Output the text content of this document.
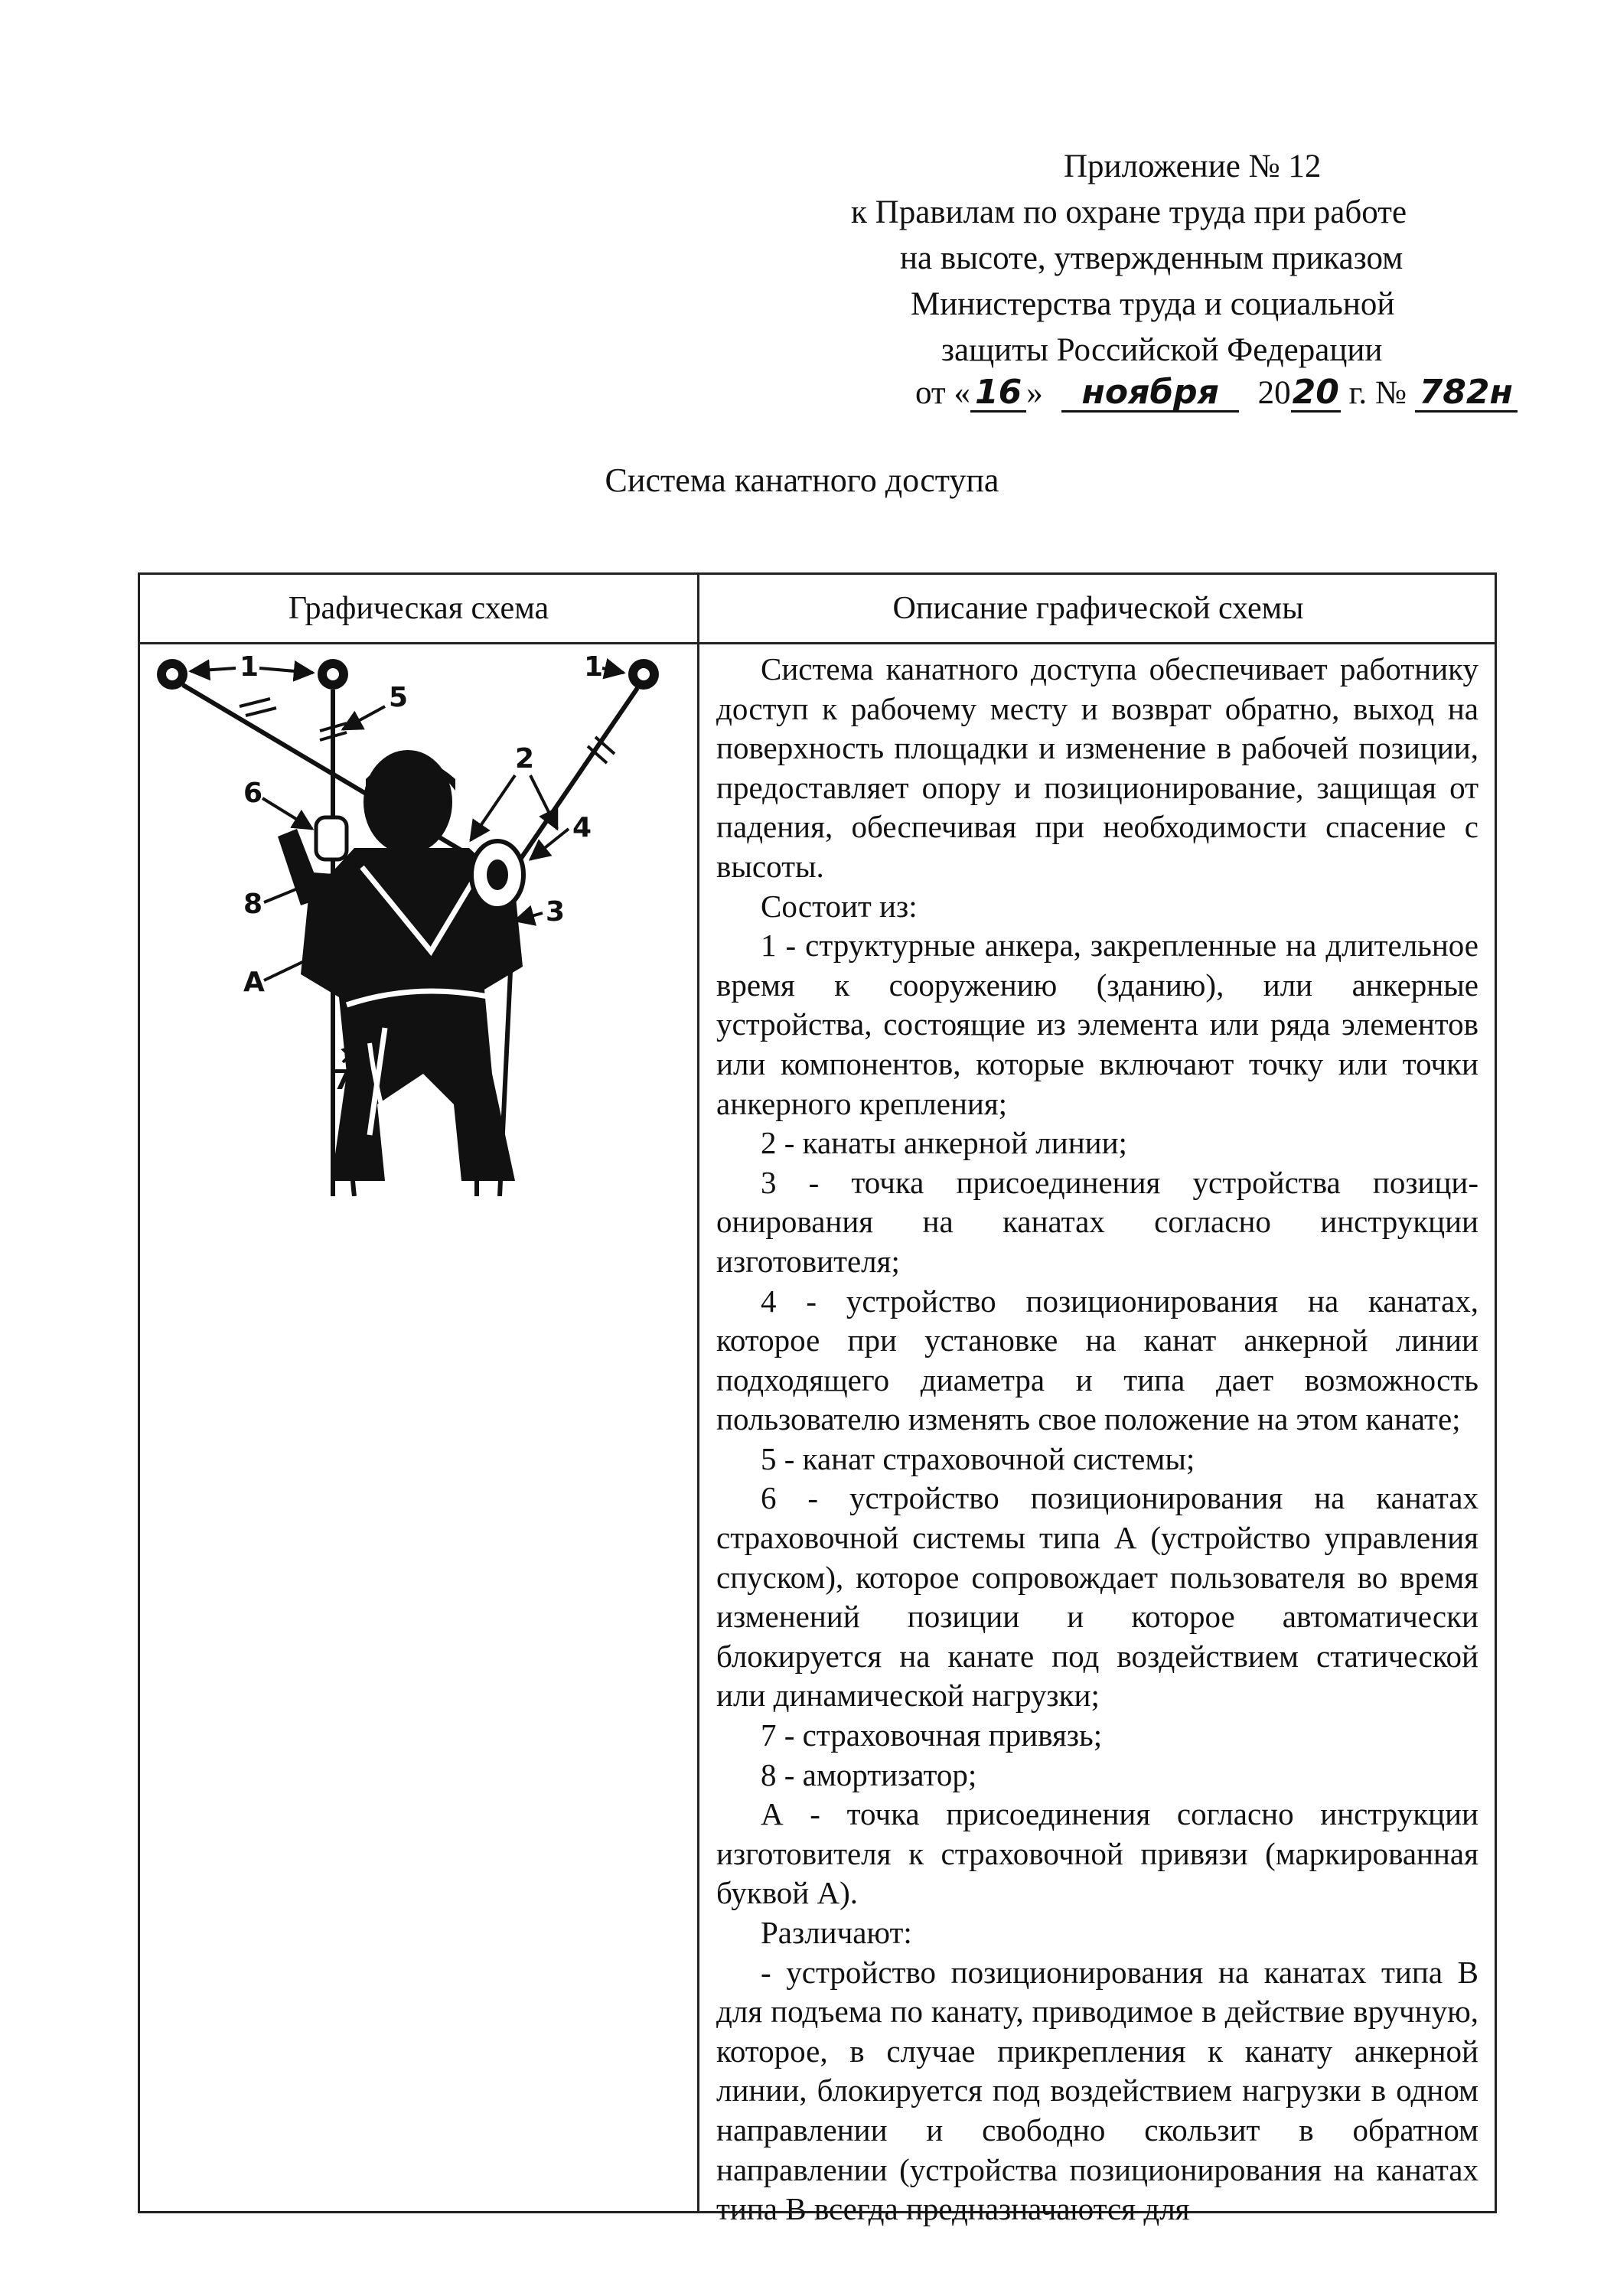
Приложение № 12
к Правилам по охране труда при работе
на высоте, утвержденным приказом
Министерства труда и социальной
защиты Российской Федерации
от « 16 » ноября 2020 г. № 782н
Система канатного доступа
Графическая схема	Описание графической схемы
1	1
2
3
4
5
6
7
8
А

Система канатного доступа обеспечивает работнику доступ к рабочему месту и возврат обратно, выход на поверхность площадки и изменение в рабочей позиции, предоставляет опору и позиционирование, защищая от падения, обеспечивая при необходимости спасение с высоты.

Состоит из:

1 - структурные анкера, закрепленные на длительное время к сооружению (зданию), или анкерные устройства, состоящие из элемента или ряда элементов или компонентов, которые включают точку или точки анкерного крепления;

2 - канаты анкерной линии;

3 - точка присоединения устройства позици-онирования на канатах согласно инструкции изготовителя;

4 - устройство позиционирования на канатах, которое при установке на канат анкерной линии подходящего диаметра и типа дает возможность пользователю изменять свое положение на этом канате;

5 - канат страховочной системы;

6 - устройство позиционирования на канатах страховочной системы типа А (устройство управления спуском), которое сопровождает пользователя во время изменений позиции и которое автоматически блокируется на канате под воздействием статической или динамической нагрузки;

7 - страховочная привязь;

8 - амортизатор;

А - точка присоединения согласно инструкции изготовителя к страховочной привязи (маркированная буквой А).

Различают:

- устройство позиционирования на канатах типа В для подъема по канату, приводимое в действие вручную, которое, в случае прикрепления к канату анкерной линии, блокируется под воздействием нагрузки в одном направлении и свободно скользит в обратном направлении (устройства позиционирования на канатах типа В всегда предназначаются для
